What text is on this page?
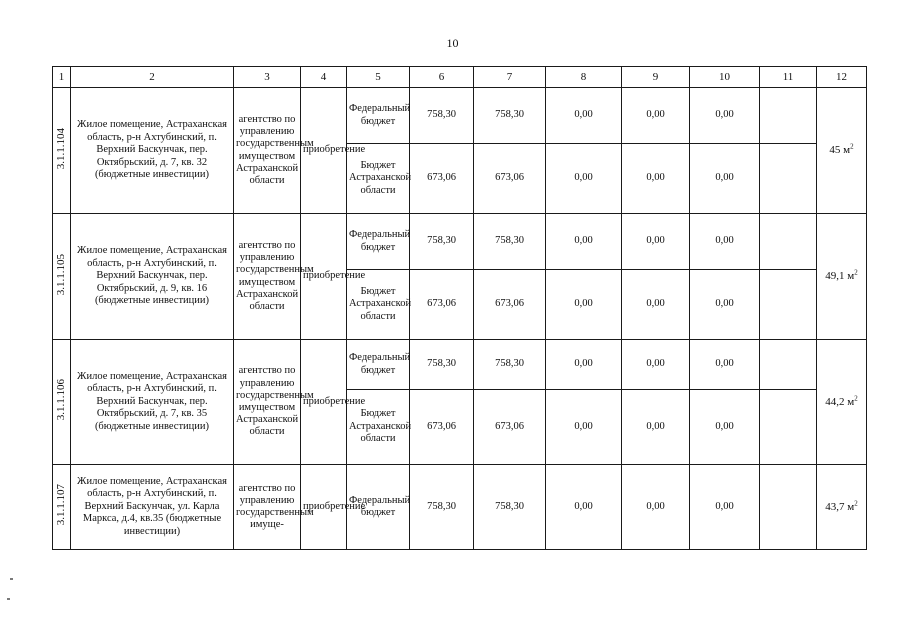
10
1	2	3	4	5	6	7	8	9	10	11	12
3.1.1.104	Жилое помещение, Астраханская область, р-н Ахтубинский, п. Верхний Баскунчак, пер. Октябрьский, д. 7, кв. 32 (бюджетные инвестиции)	агентство по управлению государственным имуществом Астраханской области	приобретение	Федеральный бюджет	758,30	758,30	0,00	0,00	0,00		45 $м^2$
				Бюджет Астраханской области	673,06	673,06	0,00	0,00	0,00		
3.1.1.105	Жилое помещение, Астраханская область, р-н Ахтубинский, п. Верхний Баскунчак, пер. Октябрьский, д. 9, кв. 16 (бюджетные инвестиции)	агентство по управлению государственным имуществом Астраханской области	приобретение	Федеральный бюджет	758,30	758,30	0,00	0,00	0,00		49,1 $м^2$
				Бюджет Астраханской области	673,06	673,06	0,00	0,00	0,00		
3.1.1.106	Жилое помещение, Астраханская область, р-н Ахтубинский, п. Верхний Баскунчак, пер. Октябрьский, д. 7, кв. 35 (бюджетные инвестиции)	агентство по управлению государственным имуществом Астраханской области	приобретение	Федеральный бюджет	758,30	758,30	0,00	0,00	0,00		44,2 $м^2$
				Бюджет Астраханской области	673,06	673,06	0,00	0,00	0,00		
3.1.1.107	Жилое помещение, Астраханская область, р-н Ахтубинский, п. Верхний Баскунчак, ул. Карла Маркса, д.4, кв.35 (бюджетные инвестиции)	агентство по управлению государственным имуще-	приобретение	Федеральный бюджет	758,30	758,30	0,00	0,00	0,00		43,7 $м^2$
